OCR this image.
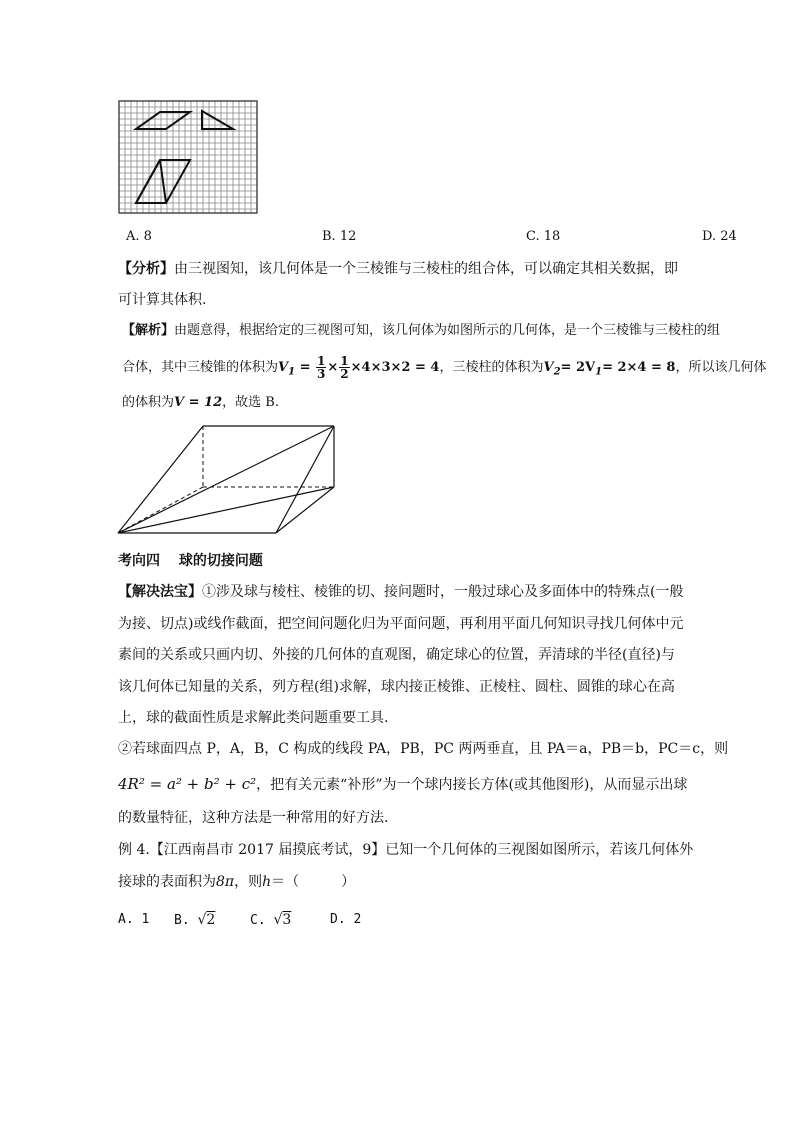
A. 8	B. 12	C. 18	D. 24
【分析】由三视图知，该几何体是一个三棱锥与三棱柱的组合体，可以确定其相关数据，即
可计算其体积.
【解析】由题意得，根据给定的三视图可知，该几何体为如图所示的几何体，是一个三棱锥与三棱柱的组
合体，其中三棱锥的体积为$V_1 = \frac{1}{3} \times \frac{1}{2} \times 4\times 3\times 2 = 4$，三棱柱的体积为$V_2= 2V_1= 2\times 4 = 8$，所以该几何体
的体积为V = 12，故选 B.
考向四　 球的切接问题
【解决法宝】①涉及球与棱柱、棱锥的切、接问题时，一般过球心及多面体中的特殊点(一般
为接、切点)或线作截面，把空间问题化归为平面问题，再利用平面几何知识寻找几何体中元
素间的关系或只画内切、外接的几何体的直观图，确定球心的位置，弄清球的半径(直径)与
该几何体已知量的关系，列方程(组)求解，球内接正棱锥、正棱柱、圆柱、圆锥的球心在高
上，球的截面性质是求解此类问题重要工具.
②若球面四点 P，A，B，C 构成的线段 PA，PB，PC 两两垂直，且 PA＝a，PB＝b，PC＝c，则
4R² = a² + b² + c²，把有关元素“补形”为一个球内接长方体(或其他图形)，从而显示出球
的数量特征，这种方法是一种常用的好方法.
例 4.【江西南昌市 2017 届摸底考试，9】已知一个几何体的三视图如图所示，若该几何体外
接球的表面积为8π，则h＝（　　　）
A. 1 B. √2	C. √3	D. 2
